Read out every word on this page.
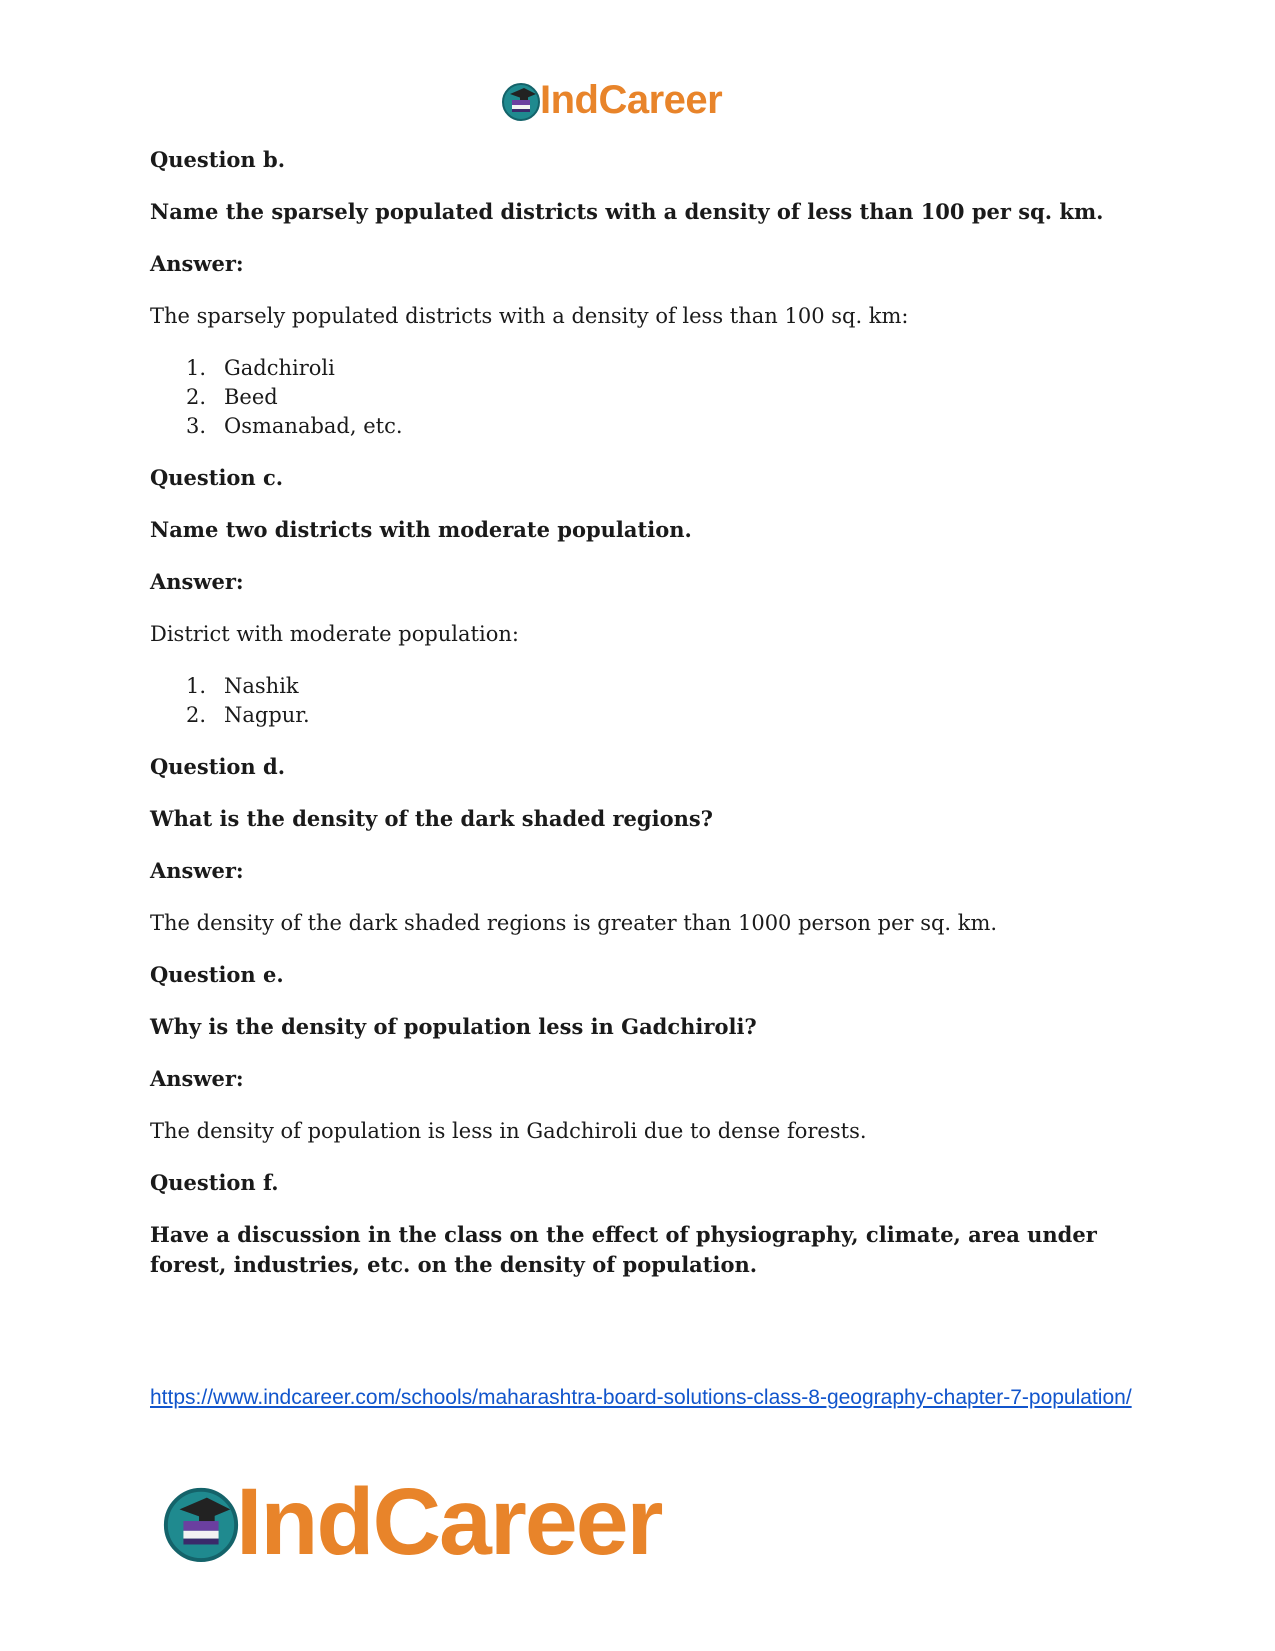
IndCareer
Question b.
Name the sparsely populated districts with a density of less than 100 per sq. km.
Answer:
The sparsely populated districts with a density of less than 100 sq. km:
1. Gadchiroli
2. Beed
3. Osmanabad, etc.
Question c.
Name two districts with moderate population.
Answer:
District with moderate population:
1. Nashik
2. Nagpur.
Question d.
What is the density of the dark shaded regions?
Answer:
The density of the dark shaded regions is greater than 1000 person per sq. km.
Question e.
Why is the density of population less in Gadchiroli?
Answer:
The density of population is less in Gadchiroli due to dense forests.
Question f.
Have a discussion in the class on the effect of physiography, climate, area under forest, industries, etc. on the density of population.
https://www.indcareer.com/schools/maharashtra-board-solutions-class-8-geography-chapter-7-population/
IndCareer
